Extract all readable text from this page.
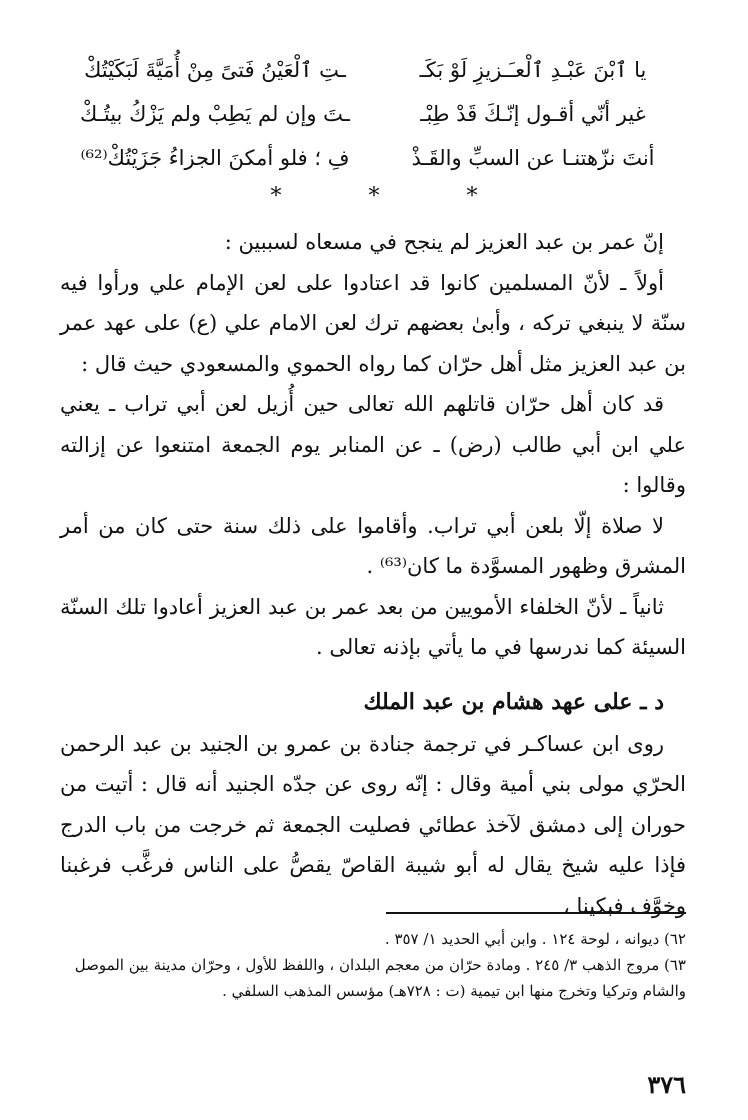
يا ٱبْنَ عَبْـدِ ٱلْعـَـزيزِ لَوْ بَكَـ
ـتِ ٱلْعَيْنُ فَتىً مِنْ أُمَيَّةَ لَبَكَيْتُكْ
غير أنّي أقـول إنّـكَ قَدْ طِبْـ
ـتَ وإن لم يَطِبْ ولم يَزْكُ بيتُـكْ
أنتَ نزّهتنـا عن السبِّ والقَـذْ
فِ ؛ فلو أمكنَ الجزاءُ جَزَيْتُكْ⁽⁶²⁾
* * *

إنّ عمر بن عبد العزيز لم ينجح في مسعاه لسببين :

أولاً ـ لأنّ المسلمين كانوا قد اعتادوا على لعن الإمام علي ورأوا فيه سنّة لا ينبغي تركه ، وأبىٰ بعضهم ترك لعن الامام علي (ع) على عهد عمر بن عبد العزيز مثل أهل حرّان كما رواه الحموي والمسعودي حيث قال :

قد كان أهل حرّان قاتلهم الله تعالى حين أُزيل لعن أبي تراب ـ يعني علي ابن أبي طالب (رض) ـ عن المنابر يوم الجمعة امتنعوا عن إزالته وقالوا :

لا صلاة إلّا بلعن أبي تراب. وأقاموا على ذلك سنة حتى كان من أمر المشرق وظهور المسوَّدة ما كان⁽⁶³⁾ .

ثانياً ـ لأنّ الخلفاء الأمويين من بعد عمر بن عبد العزيز أعادوا تلك السنّة السيئة كما ندرسها في ما يأتي بإذنه تعالى .

د ـ على عهد هشام بن عبد الملك

روى ابن عساكـر في ترجمة جنادة بن عمرو بن الجنيد بن عبد الرحمن الحرّي مولى بني أمية وقال : إنّه روى عن جدّه الجنيد أنه قال : أتيت من حوران إلى دمشق لآخذ عطائي فصليت الجمعة ثم خرجت من باب الدرج فإذا عليه شيخ يقال له أبو شيبة القاصّ يقصُّ على الناس فرغَّب فرغبنا وخوَّف فبكينا ،

٦٢) ديوانه ، لوحة ١٢٤ . وابن أبي الحديد ١/ ٣٥٧ .

٦٣) مروج الذهب ٣/ ٢٤٥ . ومادة حرّان من معجم البلدان ، واللفظ للأول ، وحرّان مدينة بين الموصل والشام وتركيا وتخرج منها ابن تيمية (ت : ٧٢٨هـ) مؤسس المذهب السلفي .

٣٧٦
